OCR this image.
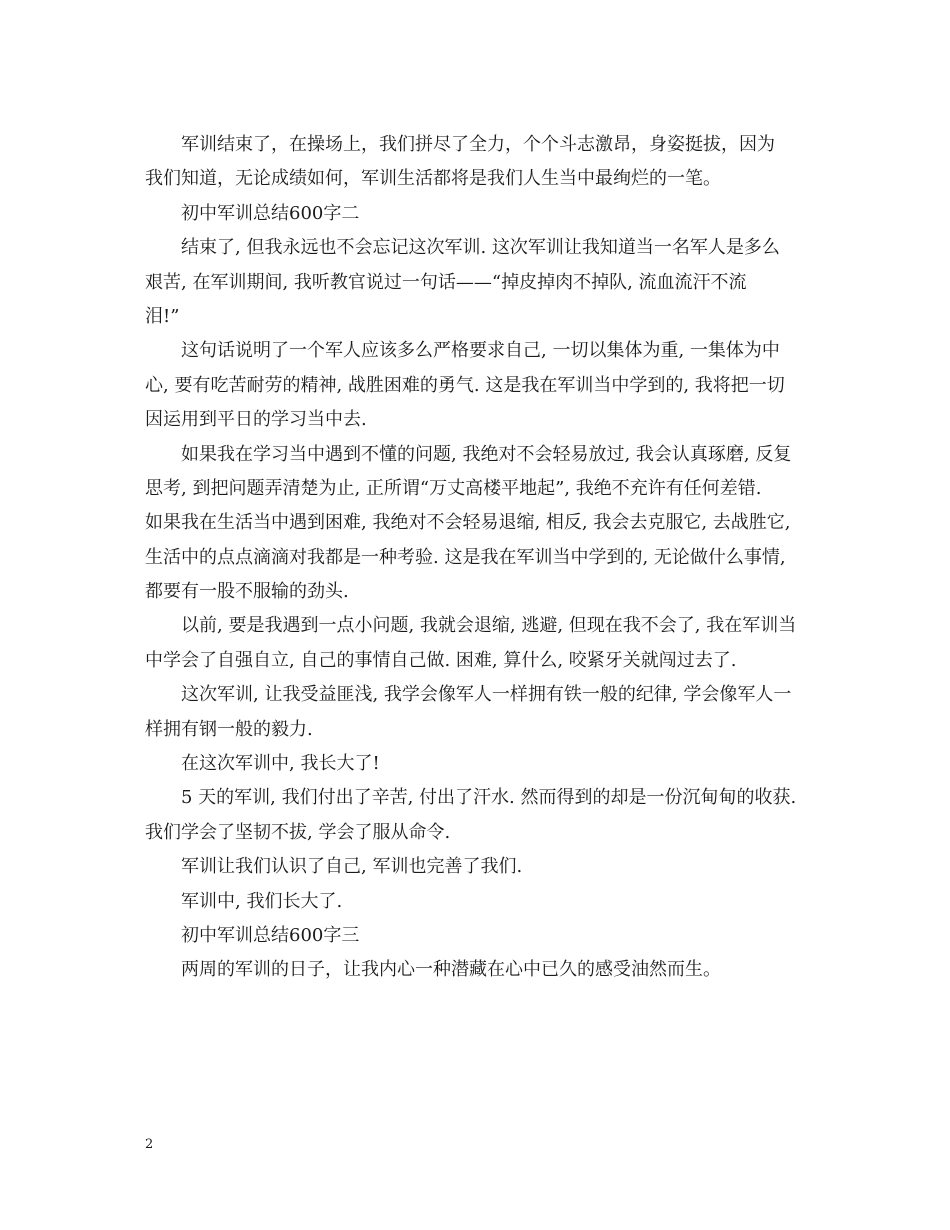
军训结束了，在操场上，我们拼尽了全力，个个斗志激昂，身姿挺拔，因为
我们知道，无论成绩如何，军训生活都将是我们人生当中最绚烂的一笔。
初中军训总结600字二
结束了, 但我永远也不会忘记这次军训. 这次军训让我知道当一名军人是多么
艰苦, 在军训期间, 我听教官说过一句话——“掉皮掉肉不掉队, 流血流汗不流
泪!”
这句话说明了一个军人应该多么严格要求自己, 一切以集体为重, 一集体为中
心, 要有吃苦耐劳的精神, 战胜困难的勇气. 这是我在军训当中学到的, 我将把一切
因运用到平日的学习当中去.
如果我在学习当中遇到不懂的问题, 我绝对不会轻易放过, 我会认真琢磨, 反复
思考, 到把问题弄清楚为止, 正所谓“万丈高楼平地起”, 我绝不充许有任何差错.
如果我在生活当中遇到困难, 我绝对不会轻易退缩, 相反, 我会去克服它, 去战胜它,
生活中的点点滴滴对我都是一种考验. 这是我在军训当中学到的, 无论做什么事情,
都要有一股不服输的劲头.
以前, 要是我遇到一点小问题, 我就会退缩, 逃避, 但现在我不会了, 我在军训当
中学会了自强自立, 自己的事情自己做. 困难, 算什么, 咬紧牙关就闯过去了.
这次军训, 让我受益匪浅, 我学会像军人一样拥有铁一般的纪律, 学会像军人一
样拥有钢一般的毅力.
在这次军训中, 我长大了!
5 天的军训, 我们付出了辛苦, 付出了汗水. 然而得到的却是一份沉甸甸的收获.
我们学会了坚韧不拔, 学会了服从命令.
军训让我们认识了自己, 军训也完善了我们.
军训中, 我们长大了.
初中军训总结600字三
两周的军训的日子，让我内心一种潜藏在心中已久的感受油然而生。
2
